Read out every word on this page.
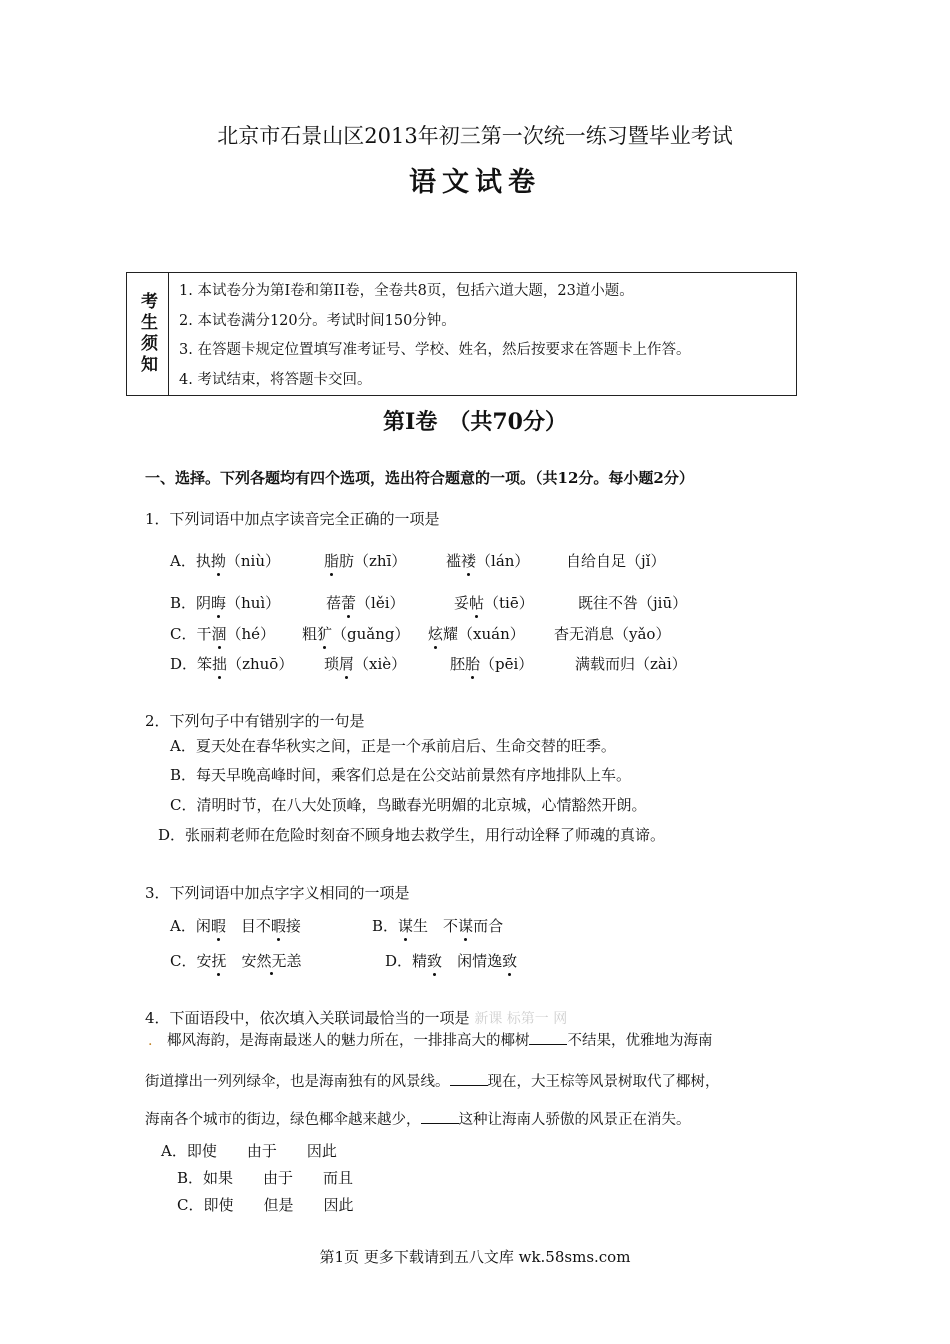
北京市石景山区2013年初三第一次统一练习暨毕业考试
语文试卷
考生须知
1. 本试卷分为第I卷和第II卷，全卷共8页，包括六道大题，23道小题。
2. 本试卷满分120分。考试时间150分钟。
3. 在答题卡规定位置填写准考证号、学校、姓名，然后按要求在答题卡上作答。
4. 考试结束，将答题卡交回。
第Ⅰ卷　（共70分）
一、选择。下列各题均有四个选项，选出符合题意的一项。（共12分。每小题2分）
1．下列词语中加点字读音完全正确的一项是
A．执拗（niù）	脂肪（zhī）	褴褛（lán） 自给自足（jǐ）
B．阴晦（huì）	蓓蕾（lěi）	妥帖（tiē）	既往不咎（jiū）
C．干涸（hé） 粗犷（guǎng） 炫耀（xuán） 杳无消息（yǎo）
D．笨拙（zhuō） 琐屑（xiè）	胚胎（pēi）	满载而归（zài）
2．下列句子中有错别字的一句是
A．夏天处在春华秋实之间，正是一个承前启后、生命交替的旺季。
B．每天早晚高峰时间，乘客们总是在公交站前景然有序地排队上车。
C．清明时节，在八大处顶峰，鸟瞰春光明媚的北京城，心情豁然开朗。
D．张丽莉老师在危险时刻奋不顾身地去救学生，用行动诠释了师魂的真谛。
3．下列词语中加点字字义相同的一项是
A．闲暇　 目不暇接	B．谋生　不谋而合
C．安抚　 安然无恙	D．精致　 闲情逸致
4．下面语段中，依次填入关联词最恰当的一项是 新课 标第一 网
.　 椰风海韵，是海南最迷人的魅力所在，一排排高大的椰树	不结果，优雅地为海南
街道撑出一列列绿伞，也是海南独有的风景线。	现在，大王棕等风景树取代了椰树，
海南各个城市的街边，绿色椰伞越来越少，	这种让海南人骄傲的风景正在消失。
A．即使　　由于　　因此
B．如果　　由于　　而且
C．即使　　但是　　因此
第1页 更多下载请到五八文库 wk.58sms.com
